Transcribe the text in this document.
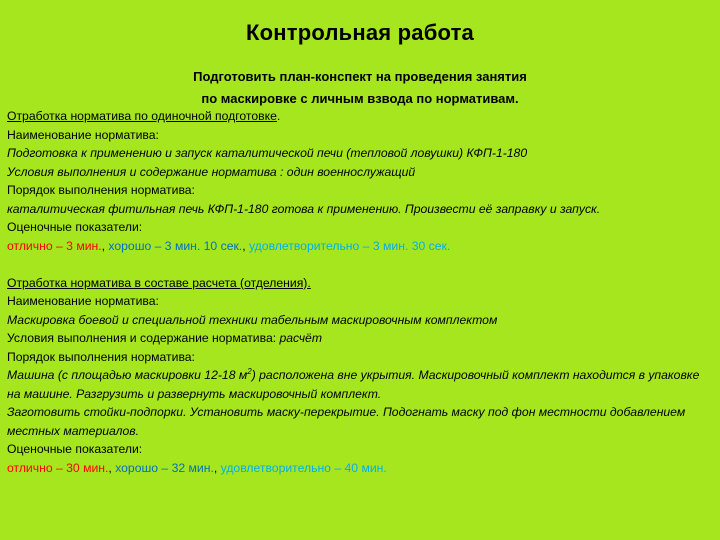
Контрольная работа
Подготовить план-конспект на проведения занятия
по маскировке с личным взвода по нормативам.
Отработка норматива по одиночной подготовке.
Наименование норматива:
Подготовка к применению и запуск каталитической печи (тепловой ловушки) КФП-1-180
Условия выполнения и содержание норматива : один военнослужащий
Порядок выполнения норматива:
каталитическая фитильная печь КФП-1-180 готова к применению. Произвести её заправку и запуск.
Оценочные показатели:
отлично – 3 мин., хорошо – 3 мин. 10 сек., удовлетворительно – 3 мин. 30 сек.
Отработка норматива в составе расчета (отделения).
Наименование норматива:
Маскировка боевой и специальной техники табельным маскировочным комплектом
Условия выполнения и содержание норматива: расчёт
Порядок выполнения норматива:
Машина (с площадью маскировки 12-18 $м^2$) расположена вне укрытия. Маскировочный комплект находится в упаковке на машине. Разгрузить и развернуть маскировочный комплект.
Заготовить стойки-подпорки. Установить маску-перекрытие. Подогнать маску под фон местности добавлением местных материалов.
Оценочные показатели:
отлично – 30 мин., хорошо – 32 мин., удовлетворительно – 40 мин.
